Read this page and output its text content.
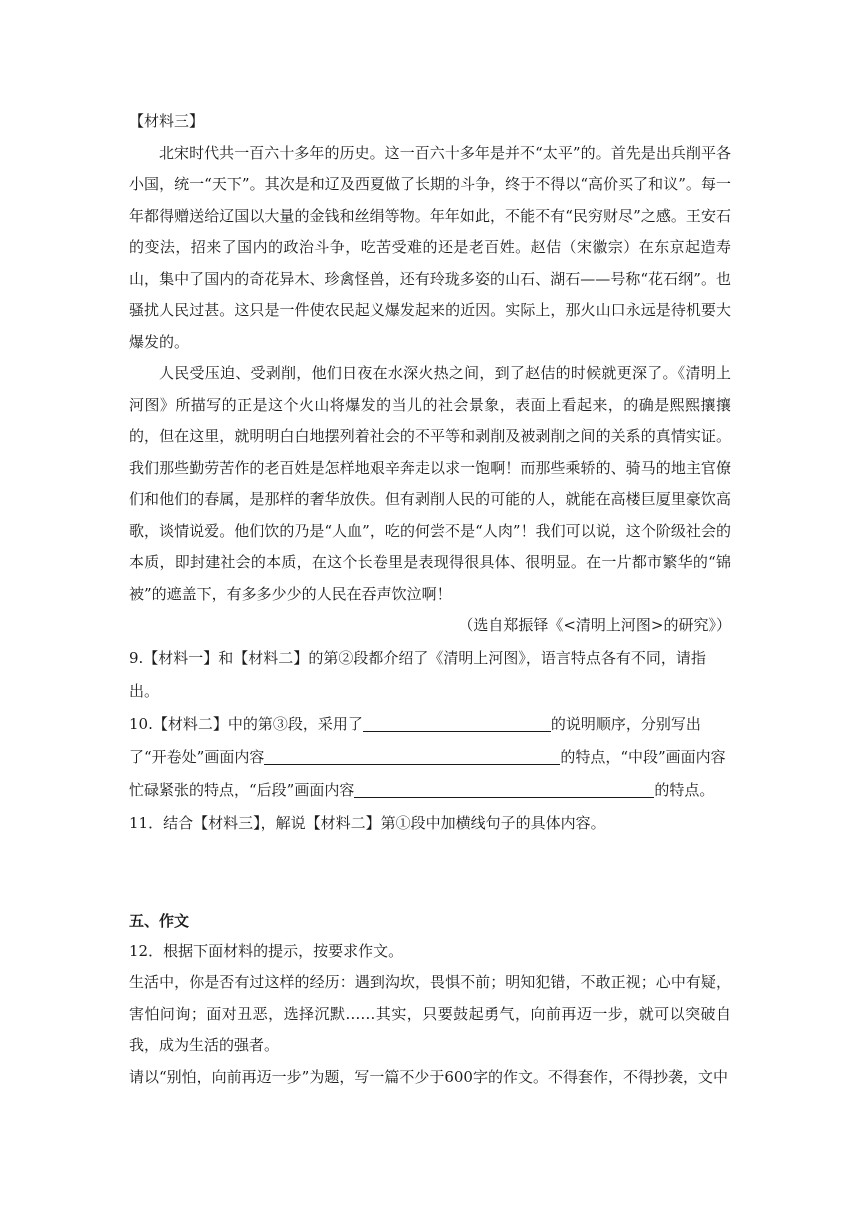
【材料三】

北宋时代共一百六十多年的历史。这一百六十多年是并不“太平”的。首先是出兵削平各小国，统一“天下”。其次是和辽及西夏做了长期的斗争，终于不得以“高价买了和议”。每一年都得赠送给辽国以大量的金钱和丝绢等物。年年如此，不能不有“民穷财尽”之感。王安石的变法，招来了国内的政治斗争，吃苦受难的还是老百姓。赵佶（宋徽宗）在东京起造寿山，集中了国内的奇花异木、珍禽怪兽，还有玲珑多姿的山石、湖石——号称“花石纲”。也骚扰人民过甚。这只是一件使农民起义爆发起来的近因。实际上，那火山口永远是待机要大爆发的。

人民受压迫、受剥削，他们日夜在水深火热之间，到了赵佶的时候就更深了。《清明上河图》所描写的正是这个火山将爆发的当儿的社会景象，表面上看起来，的确是熙熙攘攘的，但在这里，就明明白白地摆列着社会的不平等和剥削及被剥削之间的关系的真情实证。我们那些勤劳苦作的老百姓是怎样地艰辛奔走以求一饱啊！而那些乘轿的、骑马的地主官僚们和他们的春属，是那样的奢华放佚。但有剥削人民的可能的人，就能在高楼巨厦里豪饮高歌，谈情说爱。他们饮的乃是“人血”，吃的何尝不是“人肉”！我们可以说，这个阶级社会的本质，即封建社会的本质，在这个长卷里是表现得很具体、很明显。在一片都市繁华的“锦被”的遮盖下，有多多少少的人民在吞声饮泣啊！

（选自郑振铎《<清明上河图>的研究》）

9.【材料一】和【材料二】的第②段都介绍了《清明上河图》，语言特点各有不同，请指出。

10.【材料二】中的第③段，采用了	的说明顺序，分别写出了“开卷处”画面内容	的特点，“中段”画面内容忙碌紧张的特点，“后段”画面内容	的特点。

11．结合【材料三】，解说【材料二】第①段中加横线句子的具体内容。

五、作文

12．根据下面材料的提示，按要求作文。

生活中，你是否有过这样的经历：遇到沟坎，畏惧不前；明知犯错，不敢正视；心中有疑，害怕问询；面对丑恶，选择沉默……其实，只要鼓起勇气，向前再迈一步，就可以突破自我，成为生活的强者。

请以“别怕，向前再迈一步”为题，写一篇不少于600字的作文。不得套作，不得抄袭，文中
